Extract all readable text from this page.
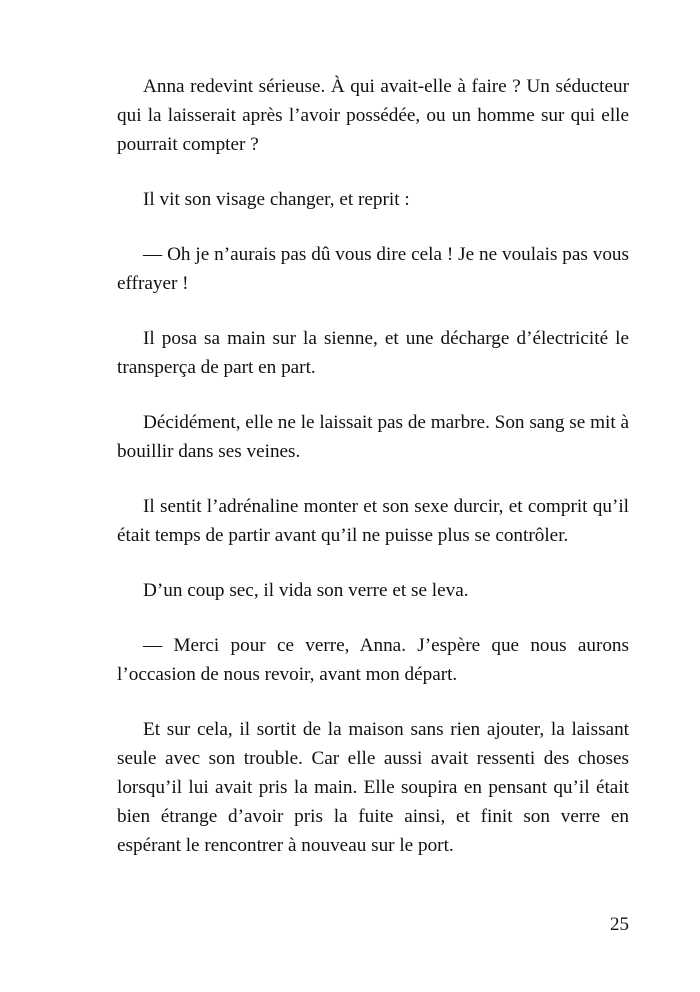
Anna redevint sérieuse. À qui avait-elle à faire ? Un séducteur qui la laisserait après l’avoir possédée, ou un homme sur qui elle pourrait compter ?

Il vit son visage changer, et reprit :

— Oh je n’aurais pas dû vous dire cela ! Je ne voulais pas vous effrayer !

Il posa sa main sur la sienne, et une décharge d’électricité le transperça de part en part.

Décidément, elle ne le laissait pas de marbre. Son sang se mit à bouillir dans ses veines.

Il sentit l’adrénaline monter et son sexe durcir, et comprit qu’il était temps de partir avant qu’il ne puisse plus se contrôler.

D’un coup sec, il vida son verre et se leva.

— Merci pour ce verre, Anna. J’espère que nous aurons l’occasion de nous revoir, avant mon départ.

Et sur cela, il sortit de la maison sans rien ajouter, la laissant seule avec son trouble. Car elle aussi avait ressenti des choses lorsqu’il lui avait pris la main. Elle soupira en pensant qu’il était bien étrange d’avoir pris la fuite ainsi, et finit son verre en espérant le rencontrer à nouveau sur le port.

25
